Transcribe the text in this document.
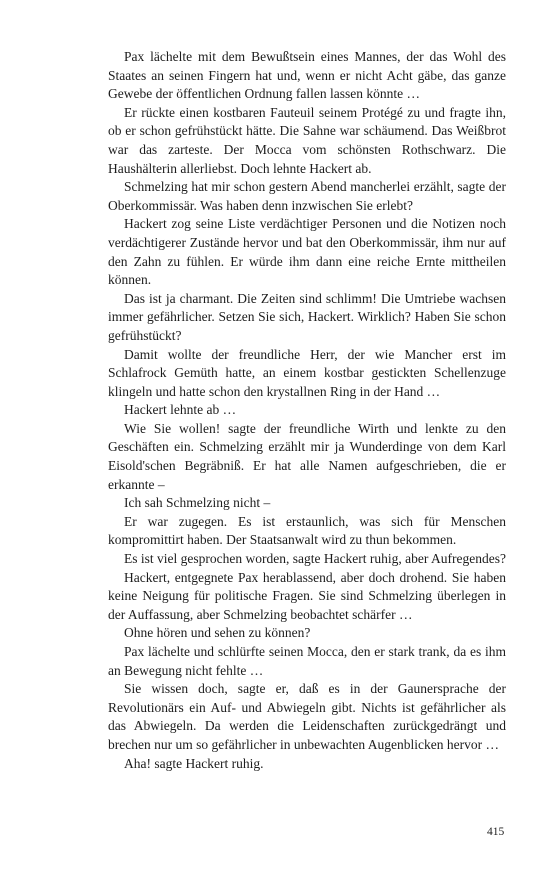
Pax lächelte mit dem Bewußtsein eines Mannes, der das Wohl des Staates an seinen Fingern hat und, wenn er nicht Acht gäbe, das ganze Gewebe der öffentlichen Ordnung fallen lassen könnte …

Er rückte einen kostbaren Fauteuil seinem Protégé zu und fragte ihn, ob er schon gefrühstückt hätte. Die Sahne war schäumend. Das Weißbrot war das zarteste. Der Mocca vom schönsten Rothschwarz. Die Haushälterin allerliebst. Doch lehnte Hackert ab.

Schmelzing hat mir schon gestern Abend mancherlei erzählt, sagte der Oberkommissär. Was haben denn inzwischen Sie erlebt?

Hackert zog seine Liste verdächtiger Personen und die Notizen noch verdächtigerer Zustände hervor und bat den Oberkommissär, ihm nur auf den Zahn zu fühlen. Er würde ihm dann eine reiche Ernte mittheilen können.

Das ist ja charmant. Die Zeiten sind schlimm! Die Umtriebe wachsen immer gefährlicher. Setzen Sie sich, Hackert. Wirklich? Haben Sie schon gefrühstückt?

Damit wollte der freundliche Herr, der wie Mancher erst im Schlafrock Gemüth hatte, an einem kostbar gestickten Schellenzuge klingeln und hatte schon den krystallnen Ring in der Hand …

Hackert lehnte ab …

Wie Sie wollen! sagte der freundliche Wirth und lenkte zu den Geschäften ein. Schmelzing erzählt mir ja Wunderdinge von dem Karl Eisold'schen Begräbniß. Er hat alle Namen aufgeschrieben, die er erkannte –

Ich sah Schmelzing nicht –

Er war zugegen. Es ist erstaunlich, was sich für Menschen kompromittirt haben. Der Staatsanwalt wird zu thun bekommen.

Es ist viel gesprochen worden, sagte Hackert ruhig, aber Aufregendes?

Hackert, entgegnete Pax herablassend, aber doch drohend. Sie haben keine Neigung für politische Fragen. Sie sind Schmelzing überlegen in der Auffassung, aber Schmelzing beobachtet schärfer …

Ohne hören und sehen zu können?

Pax lächelte und schlürfte seinen Mocca, den er stark trank, da es ihm an Bewegung nicht fehlte …

Sie wissen doch, sagte er, daß es in der Gaunersprache der Revolutionärs ein Auf- und Abwiegeln gibt. Nichts ist gefährlicher als das Abwiegeln. Da werden die Leidenschaften zurückgedrängt und brechen nur um so gefährlicher in unbewachten Augenblicken hervor …

Aha! sagte Hackert ruhig.

415
